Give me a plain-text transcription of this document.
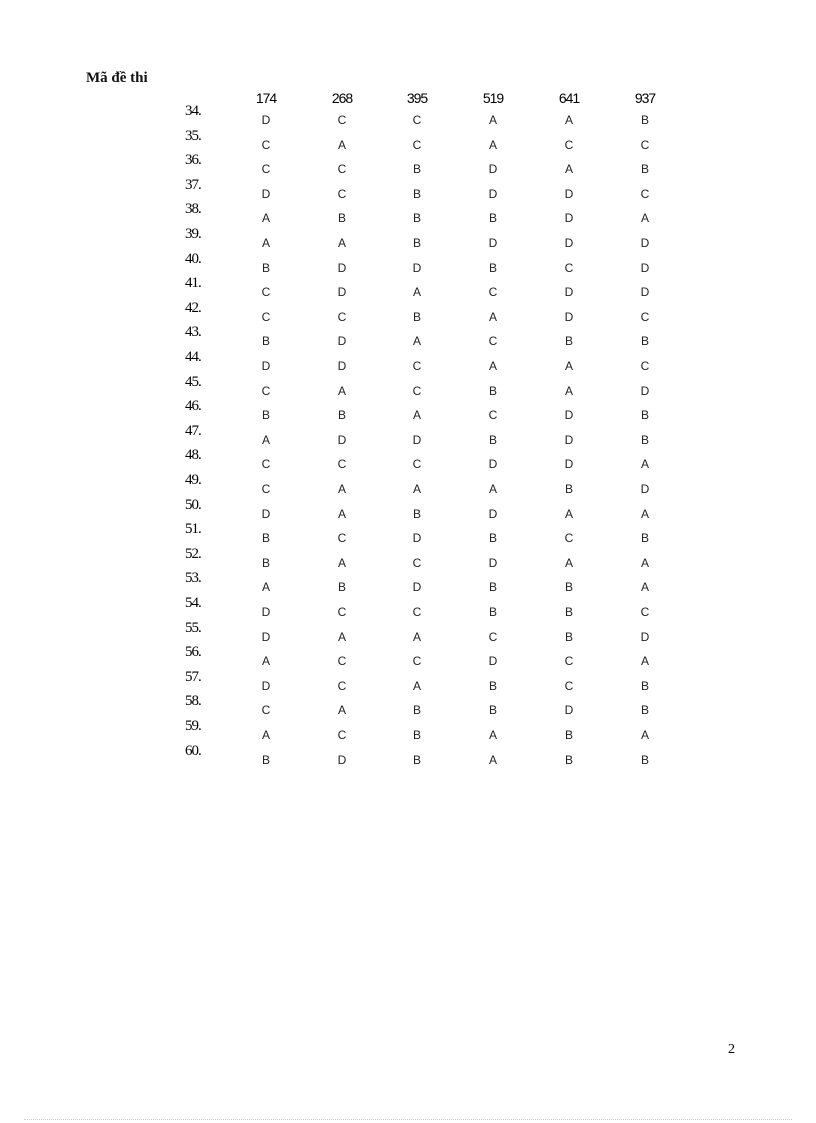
Mã đề thi
174	268	395	519	641	937
34.
D	C	C	A	A	B
35.
C	A	C	A	C	C
36.
C	C	B	D	A	B
37.
D	C	B	D	D	C
38.
A	B	B	B	D	A
39.
A	A	B	D	D	D
40.
B	D	D	B	C	D
41.
C	D	A	C	D	D
42.
C	C	B	A	D	C
43.
B	D	A	C	B	B
44.
D	D	C	A	A	C
45.
C	A	C	B	A	D
46.
B	B	A	C	D	B
47.
A	D	D	B	D	B
48.
C	C	C	D	D	A
49.
C	A	A	A	B	D
50.
D	A	B	D	A	A
51.
B	C	D	B	C	B
52.
B	A	C	D	A	A
53.
A	B	D	B	B	A
54.
D	C	C	B	B	C
55.
D	A	A	C	B	D
56.
A	C	C	D	C	A
57.
D	C	A	B	C	B
58.
C	A	B	B	D	B
59.
A	C	B	A	B	A
60.
B	D	B	A	B	B
2
